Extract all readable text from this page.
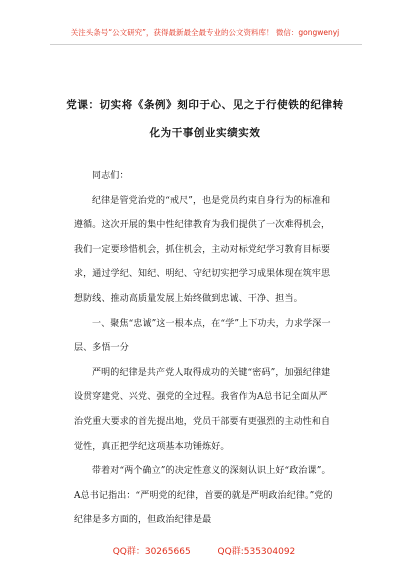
关注头条号“公文研究”，获得最新最全最专业的公文资料库！ 微信：gongwenyj
党课：切实将《条例》刻印于心、见之于行使铁的纪律转
化为干事创业实绩实效

同志们：

纪律是管党治党的“戒尺”，也是党员约束自身行为的标准和遵循。这次开展的集中性纪律教育为我们提供了一次难得机会，我们一定要珍惜机会，抓住机会，主动对标党纪学习教育目标要求，通过学纪、知纪、明纪、守纪切实把学习成果体现在筑牢思想防线、推动高质量发展上始终做到忠诚、干净、担当。

一、聚焦“忠诚”这一根本点，在“学”上下功夫，力求学深一层、多悟一分

严明的纪律是共产党人取得成功的关键“密码”，加强纪律建设贯穿建党、兴党、强党的全过程。我省作为A总书记全面从严治党重大要求的首先提出地，党员干部要有更强烈的主动性和自觉性，真正把学纪这项基本功锤炼好。

带着对“两个确立”的决定性意义的深刻认识上好“政治课”。A总书记指出：“严明党的纪律，首要的就是严明政治纪律。”党的纪律是多方面的，但政治纪律是最

QQ群：30265665	QQ群:535304092
